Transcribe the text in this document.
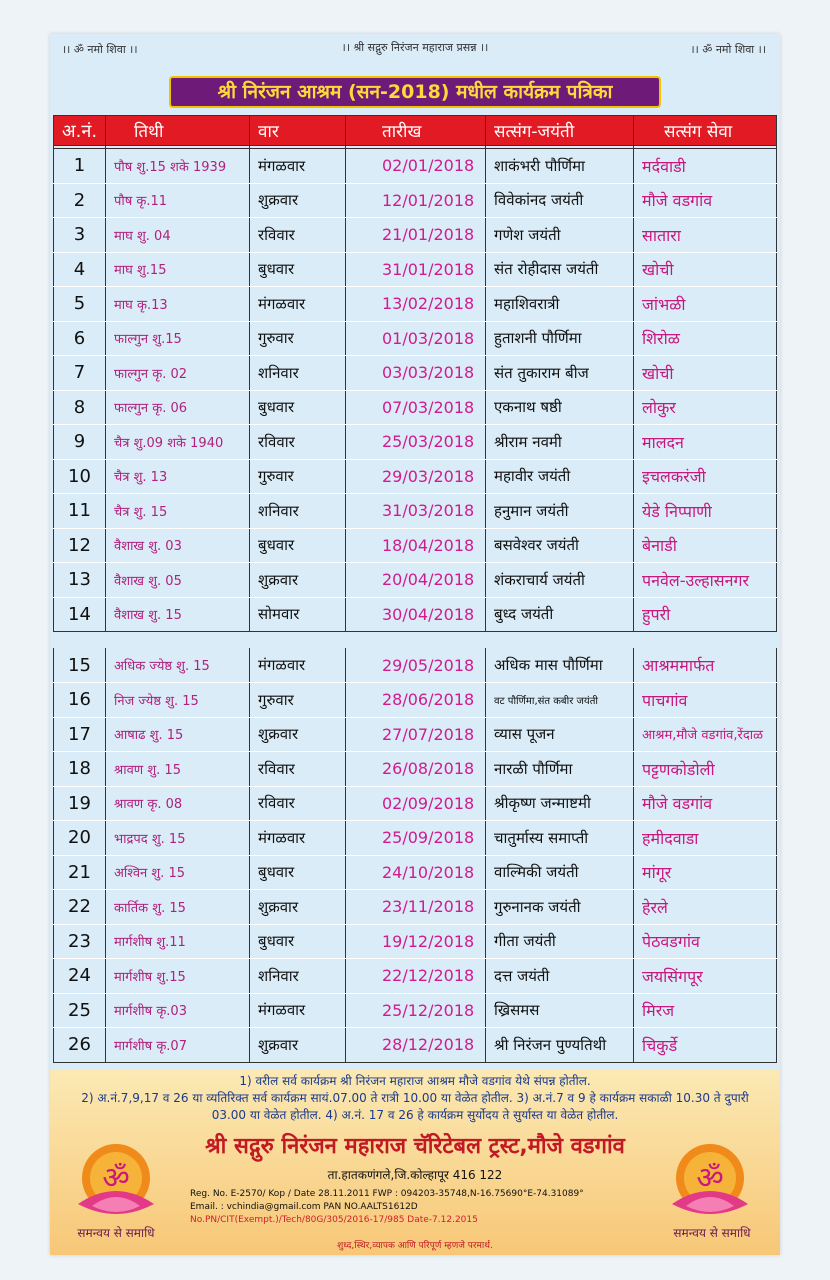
।। ॐ नमो शिवा ।।	।। श्री सद्गुरु निरंजन महाराज प्रसन्न ।।	।। ॐ नमो शिवा ।।
श्री निरंजन आश्रम (सन-2018) मधील कार्यक्रम पत्रिका
अ.नं.	तिथी	वार	तारीख	सत्संग-जयंती	सत्संग सेवा

1	पौष शु.15 शके 1939	मंगळवार	02/01/2018	शाकंभरी पौर्णिमा	मर्दवाडी
2	पौष कृ.11	शुक्रवार	12/01/2018	विवेकांनद जयंती	मौजे वडगांव
3	माघ शु. 04	रविवार	21/01/2018	गणेश जयंती	सातारा
4	माघ शु.15	बुधवार	31/01/2018	संत रोहीदास जयंती	खोची
5	माघ कृ.13	मंगळवार	13/02/2018	महाशिवरात्री	जांभळी
6	फाल्गुन शु.15	गुरुवार	01/03/2018	हुताशनी पौर्णिमा	शिरोळ
7	फाल्गुन कृ. 02	शनिवार	03/03/2018	संत तुकाराम बीज	खोची
8	फाल्गुन कृ. 06	बुधवार	07/03/2018	एकनाथ षष्ठी	लोकुर
9	चैत्र शु.09 शके 1940	रविवार	25/03/2018	श्रीराम नवमी	मालदन
10	चैत्र शु. 13	गुरुवार	29/03/2018	महावीर जयंती	इचलकरंजी
11	चैत्र शु. 15	शनिवार	31/03/2018	हनुमान जयंती	येडे निप्पाणी
12	वैशाख शु. 03	बुधवार	18/04/2018	बसवेश्वर जयंती	बेनाडी
13	वैशाख शु. 05	शुक्रवार	20/04/2018	शंकराचार्य जयंती	पनवेल-उल्हासनगर
14	वैशाख शु. 15	सोमवार	30/04/2018	बुध्द जयंती	हुपरी
15	अधिक ज्येष्ठ शु. 15	मंगळवार	29/05/2018	अधिक मास पौर्णिमा	आश्रममार्फत
16	निज ज्येष्ठ शु. 15	गुरुवार	28/06/2018	वट पौर्णिमा,संत कबीर जयंती	पाचगांव
17	आषाढ शु. 15	शुक्रवार	27/07/2018	व्यास पूजन	आश्रम,मौजे वडगांव,रेंदाळ
18	श्रावण शु. 15	रविवार	26/08/2018	नारळी पौर्णिमा	पट्टणकोडोली
19	श्रावण कृ. 08	रविवार	02/09/2018	श्रीकृष्ण जन्माष्टमी	मौजे वडगांव
20	भाद्रपद शु. 15	मंगळवार	25/09/2018	चातुर्मास्य समाप्ती	हमीदवाडा
21	अश्विन शु. 15	बुधवार	24/10/2018	वाल्मिकी जयंती	मांगूर
22	कार्तिक शु. 15	शुक्रवार	23/11/2018	गुरुनानक जयंती	हेरले
23	मार्गशीष शु.11	बुधवार	19/12/2018	गीता जयंती	पेठवडगांव
24	मार्गशीष शु.15	शनिवार	22/12/2018	दत्त जयंती	जयसिंगपूर
25	मार्गशीष कृ.03	मंगळवार	25/12/2018	ख्रिसमस	मिरज
26	मार्गशीष कृ.07	शुक्रवार	28/12/2018	श्री निरंजन पुण्यतिथी	चिकुर्डे
1) वरील सर्व कार्यक्रम श्री निरंजन महाराज आश्रम मौजे वडगांव येथे संपन्न होतील.
2) अ.नं.7,9,17 व 26 या व्यतिरिक्त सर्व कार्यक्रम सायं.07.00 ते रात्री 10.00 या वेळेत होतील. 3) अ.नं.7 व 9 हे कार्यक्रम सकाळी 10.30 ते दुपारी 03.00 या वेळेत होतील. 4) अ.नं. 17 व 26 हे कार्यक्रम सुर्योदय ते सुर्यास्त या वेळेत होतील.
ॐ
समन्वय से समाधि
ॐ
समन्वय से समाधि
श्री सद्गुरु निरंजन महाराज चॅरिटेबल ट्रस्ट,मौजे वडगांव
ता.हातकणंगले,जि.कोल्हापूर 416 122
Reg. No. E-2570/ Kop / Date 28.11.2011 FWP : 094203-35748,N-16.75690°E-74.31089°
Email. : vchindia@gmail.com PAN NO.AALTS1612D
No.PN/CIT(Exempt.)/Tech/80G/305/2016-17/985 Date-7.12.2015
शुध्द,स्थिर,व्यापक आणि परिपूर्ण म्हणजे परमार्थ.
